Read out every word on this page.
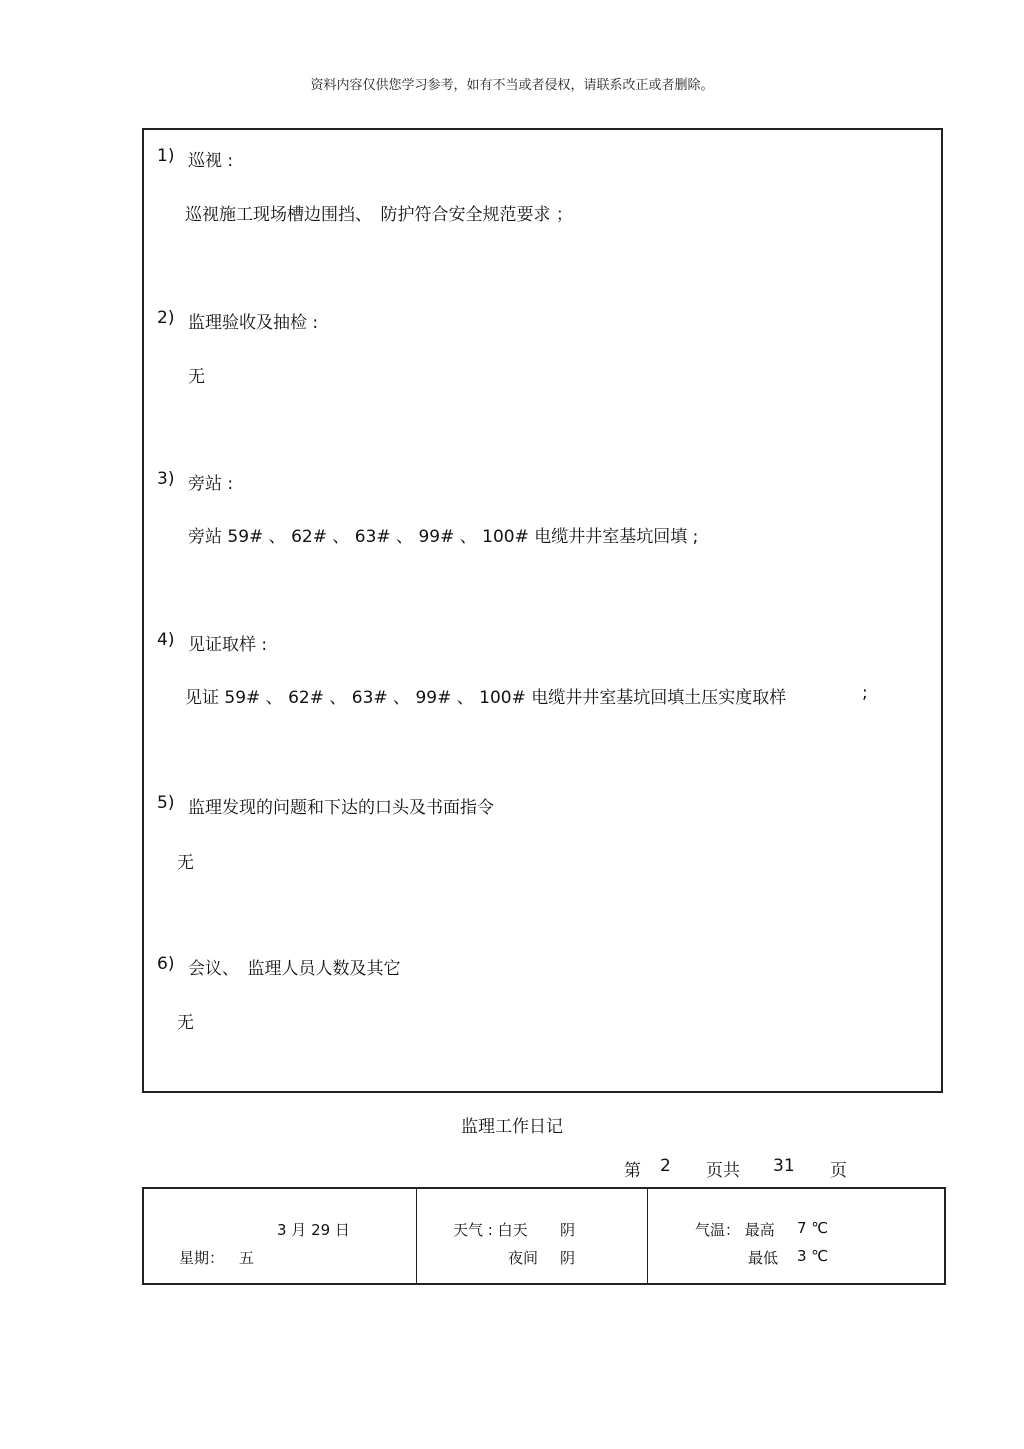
资料内容仅供您学习参考，如有不当或者侵权，请联系改正或者删除。
1) 巡视 :
巡视施工现场槽边围挡、　防护符合安全规范要求 ；
2) 监理验收及抽检 :
无
3) 旁站 :
旁站 59# 、 62# 、 63# 、 99# 、 100# 电缆井井室基坑回填 ;
4) 见证取样 :
见证 59# 、 62# 、 63# 、 99# 、 100# 电缆井井室基坑回填土压实度取样	;
5) 监理发现的问题和下达的口头及书面指令
无
6) 会议、　监理人员人数及其它
无
监理工作日记
第 2 页共 31 页
3 月 29 日
星期： 五
天气 : 白天 阴
夜间 阴
气温： 最高 7 ℃
最低 3 ℃
